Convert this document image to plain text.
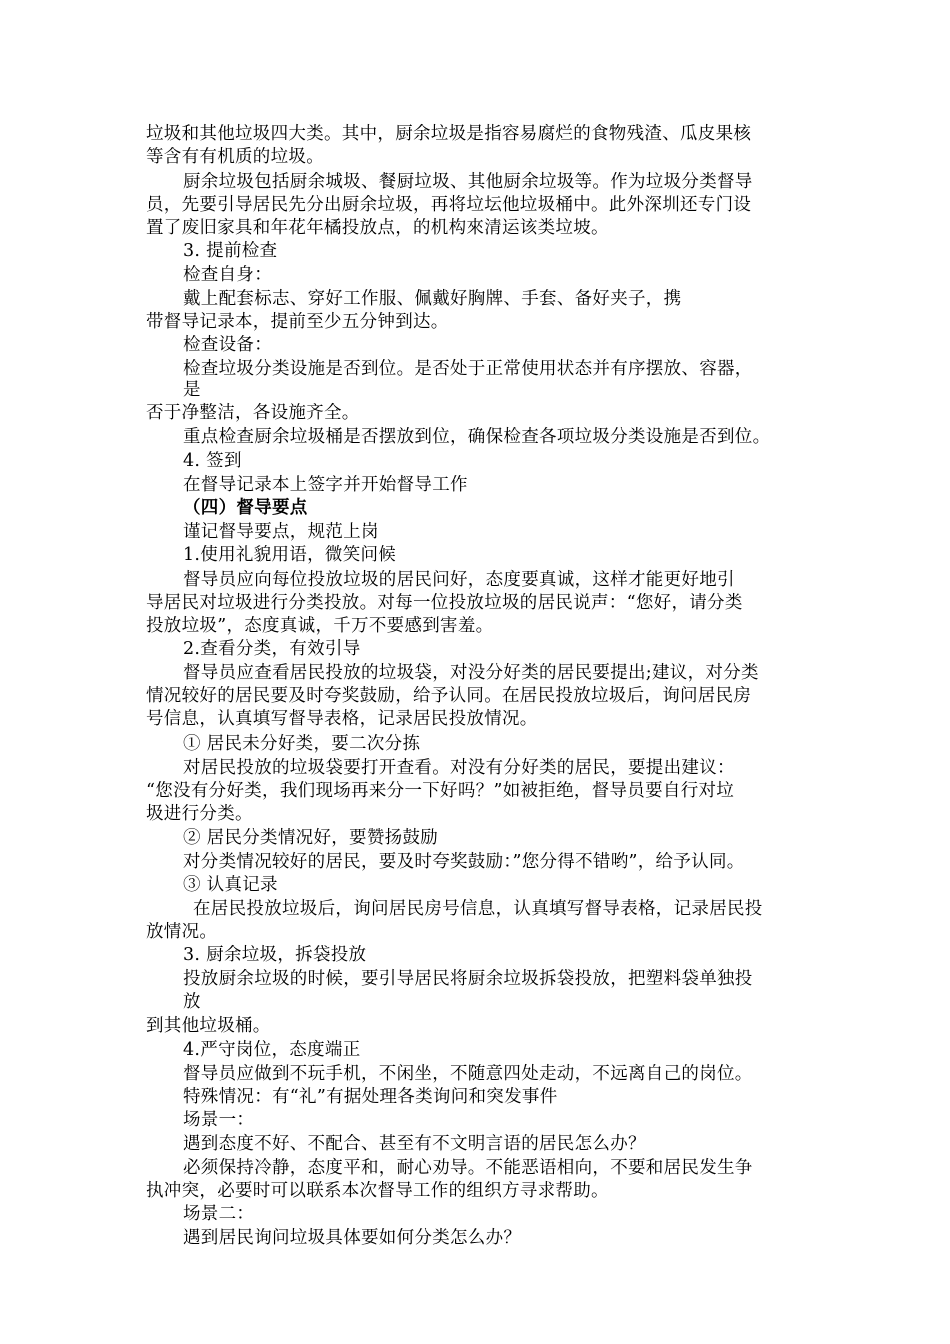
垃圾和其他垃圾四大类。其中，厨余垃圾是指容易腐烂的食物残渣、瓜皮果核
等含有有机质的垃圾。
厨余垃圾包括厨余城圾、餐厨垃圾、其他厨余垃圾等。作为垃圾分类督导
员，先要引导居民先分出厨余垃圾，再将垃坛他垃圾桶中。此外深圳还专门设
置了废旧家具和年花年橘投放点，的机构來清运该类垃坡。
3. 提前检查
检查自身：
戴上配套标志、穿好工作服、佩戴好胸牌、手套、备好夹子，携
带督导记录本，提前至少五分钟到达。
检查设备：
检查垃圾分类设施是否到位。是否处于正常使用状态并有序摆放、容器，
是
否于净整洁，各设施齐全。
重点检查厨余垃圾桶是否摆放到位，确保检查各项垃圾分类设施是否到位。
4. 签到
在督导记录本上签字并开始督导工作
（四）督导要点
谨记督导要点，规范上岗
1.使用礼貌用语，微笑问候
督导员应向每位投放垃圾的居民问好，态度要真诚，这样才能更好地引
导居民对垃圾进行分类投放。对每一位投放垃圾的居民说声：“您好，请分类
投放垃圾”，态度真诚，千万不要感到害羞。
2.查看分类，有效引导
督导员应查看居民投放的垃圾袋，对没分好类的居民要提出;建议，对分类
情况较好的居民要及时夸奖鼓励，给予认同。在居民投放垃圾后，询问居民房
号信息，认真填写督导表格，记录居民投放情况。
① 居民未分好类，要二次分拣
对居民投放的垃圾袋要打开查看。对没有分好类的居民，要提出建议：
“您没有分好类，我们现场再来分一下好吗？”如被拒绝，督导员要自行对垃
圾进行分类。
② 居民分类情况好，要赞扬鼓励
对分类情况较好的居民，要及时夸奖鼓励：”您分得不错哟”，给予认同。
③ 认真记录
在居民投放垃圾后，询问居民房号信息，认真填写督导表格，记录居民投
放情况。
3. 厨余垃圾，拆袋投放
投放厨余垃圾的时候，要引导居民将厨余垃圾拆袋投放，把塑料袋单独投
放
到其他垃圾桶。
4.严守岗位，态度端正
督导员应做到不玩手机，不闲坐，不随意四处走动，不远离自己的岗位。
特殊情况：有“礼”有据处理各类询问和突发事件
场景一：
遇到态度不好、不配合、甚至有不文明言语的居民怎么办？
必须保持冷静，态度平和，耐心劝导。不能恶语相向，不要和居民发生争
执冲突，必要时可以联系本次督导工作的组织方寻求帮助。
场景二：
遇到居民询问垃圾具体要如何分类怎么办？
